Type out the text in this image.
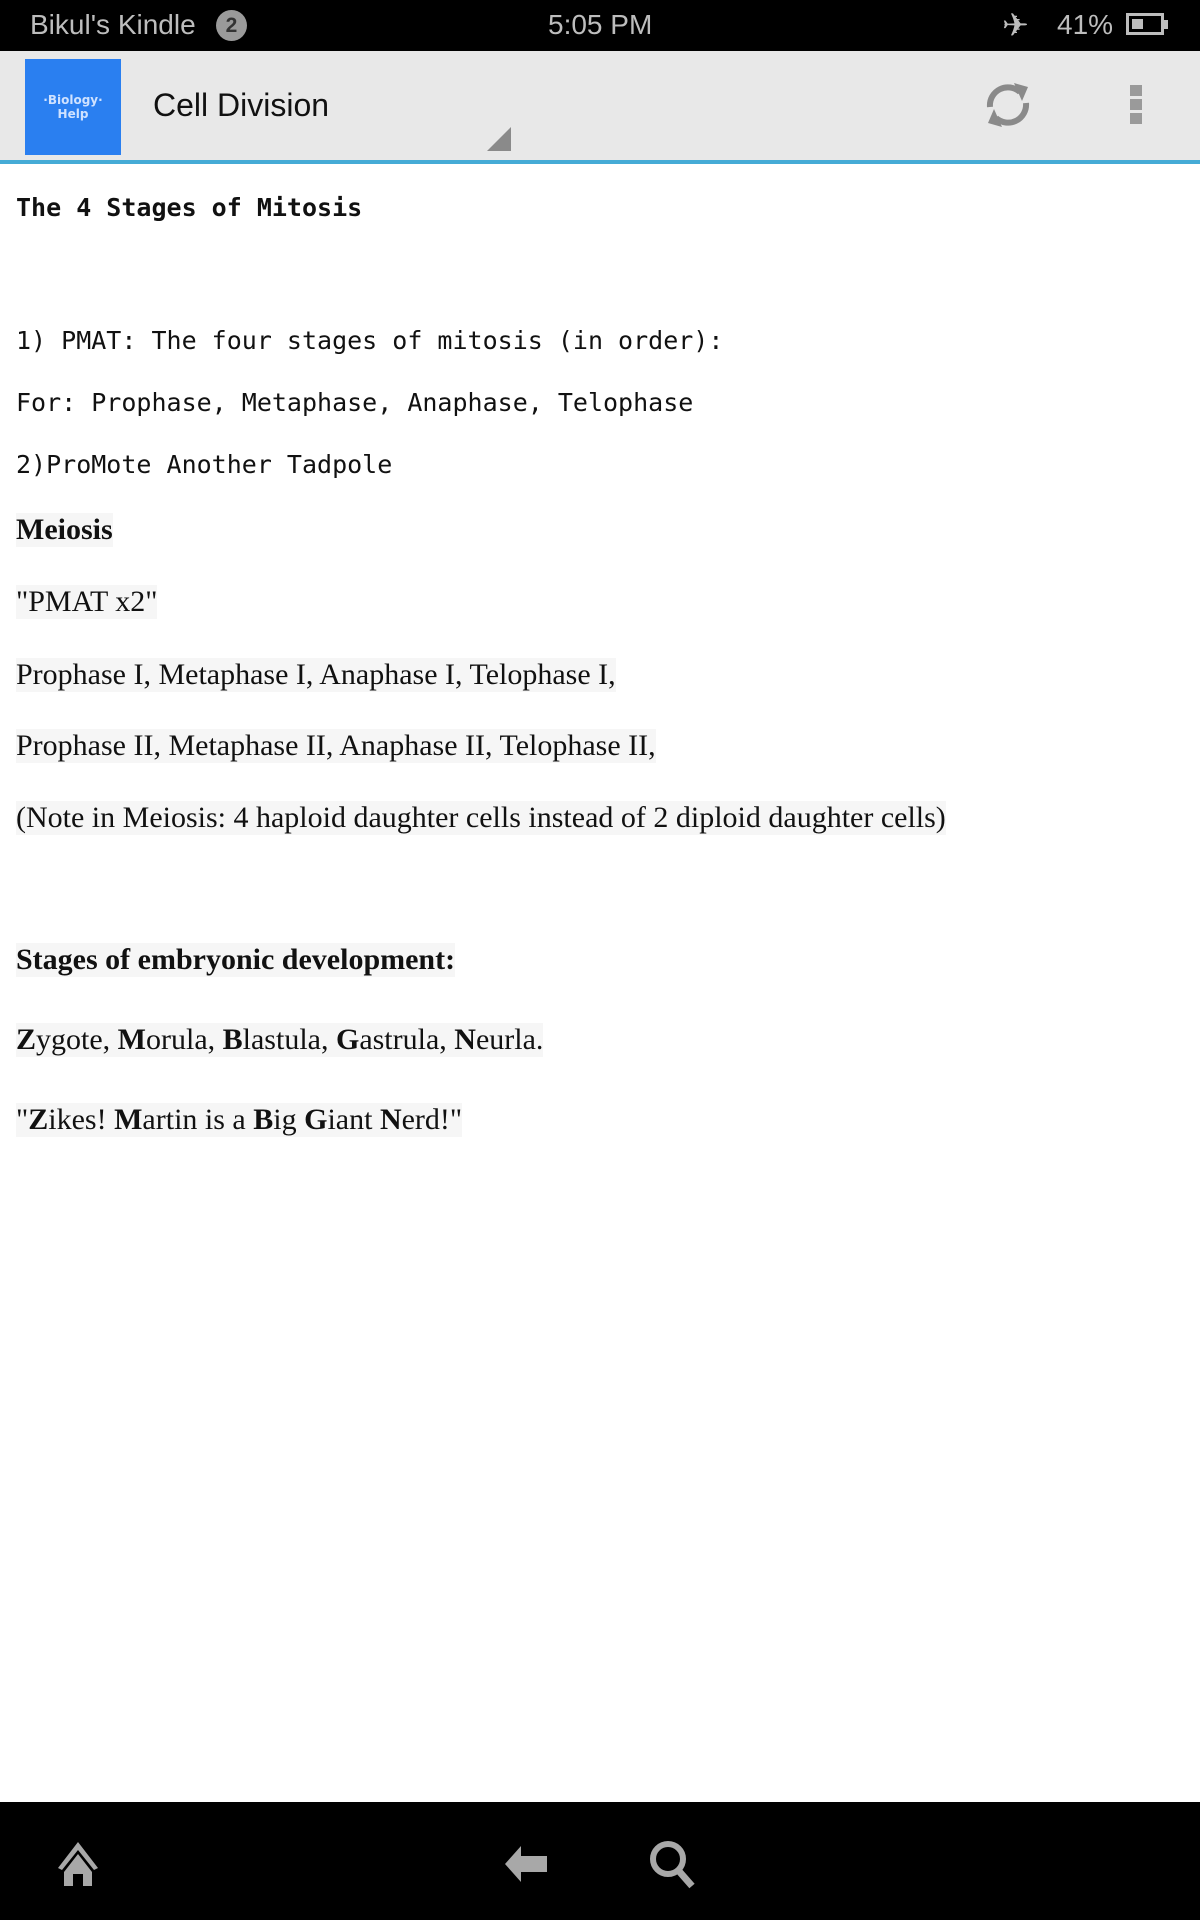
Bikul's Kindle	2	5:05 PM	✈ 41%
·Biology·
Help	Cell Division
The 4 Stages of Mitosis
1) PMAT: The four stages of mitosis (in order):
For: Prophase, Metaphase, Anaphase, Telophase
2)ProMote Another Tadpole
Meiosis
"PMAT x2"
Prophase I, Metaphase I, Anaphase I, Telophase I,
Prophase II, Metaphase II, Anaphase II, Telophase II,
(Note in Meiosis: 4 haploid daughter cells instead of 2 diploid daughter cells)
Stages of embryonic development:
Zygote, Morula, Blastula, Gastrula, Neurla.
"Zikes! Martin is a Big Giant Nerd!"
